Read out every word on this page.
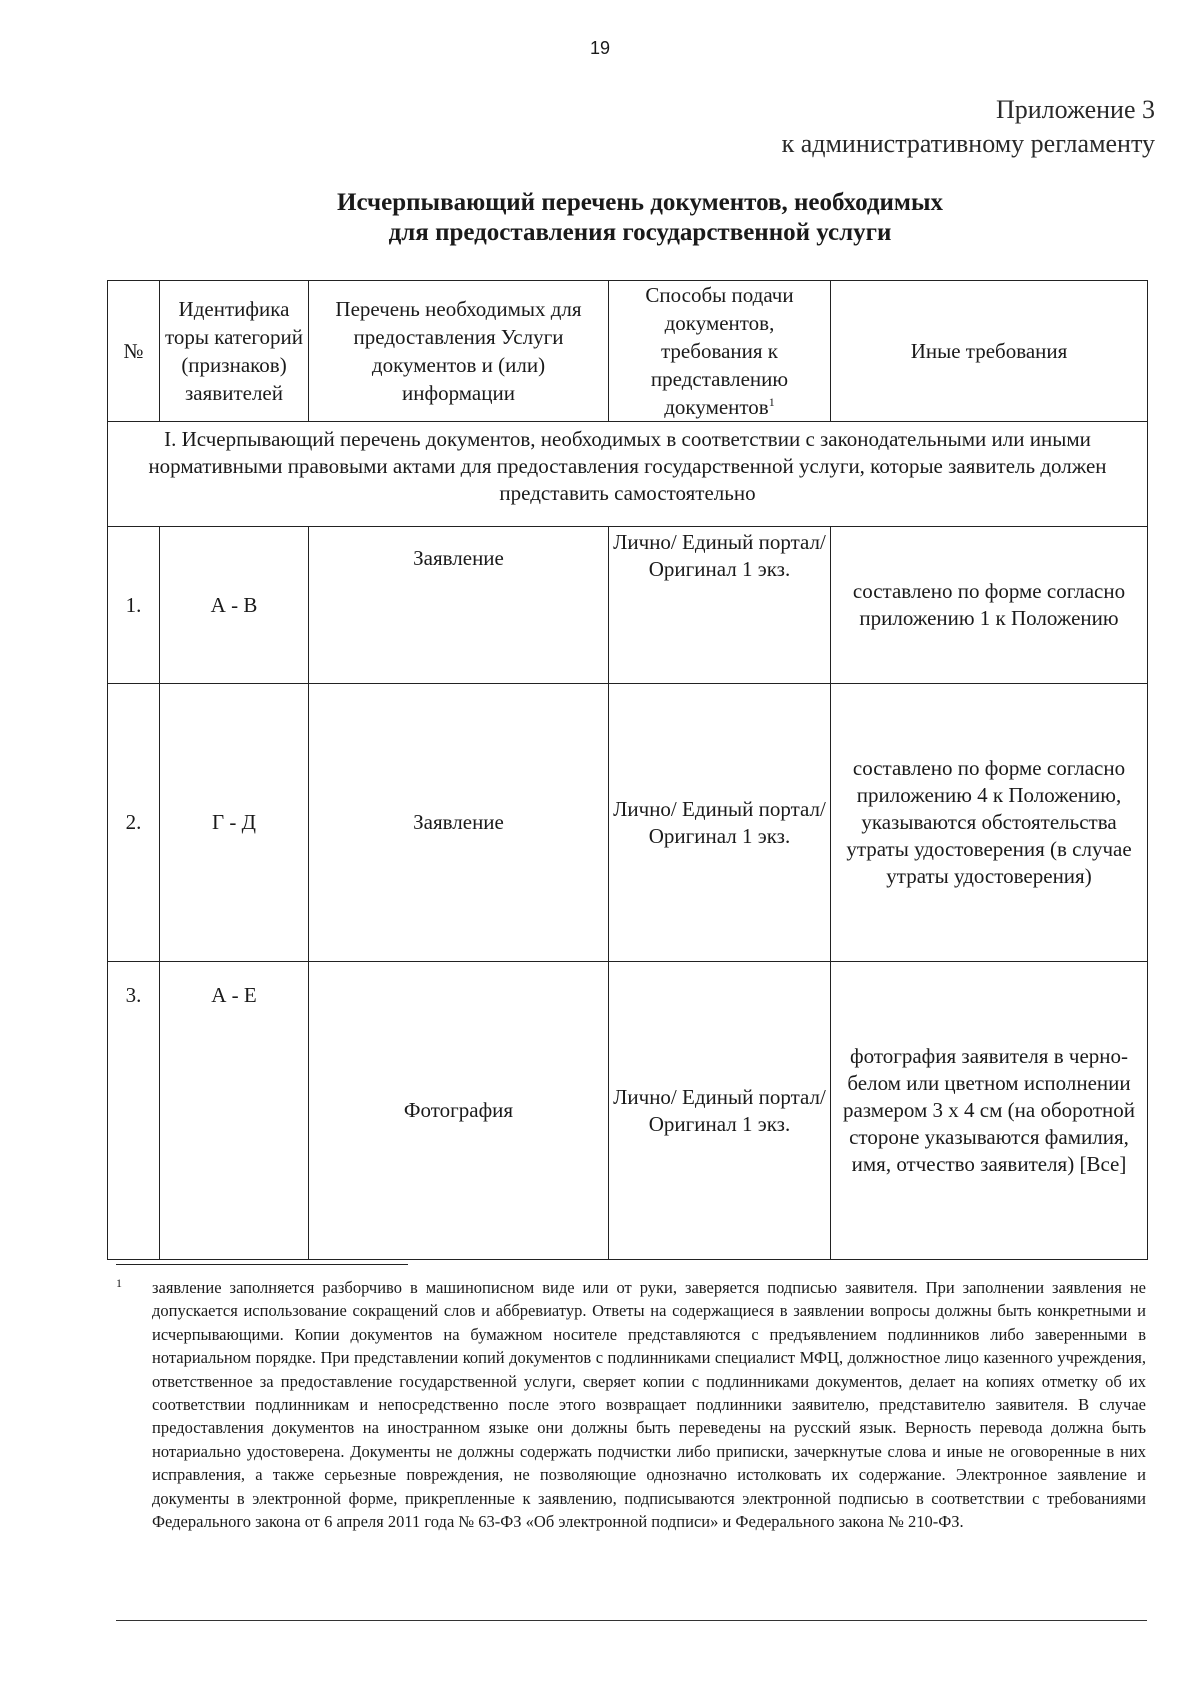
19
Приложение 3
к административному регламенту
Исчерпывающий перечень документов, необходимых
для предоставления государственной услуги
№	Идентифика торы категорий (признаков) заявителей	Перечень необходимых для предоставления Услуги документов и (или) информации	Способы подачи документов, требования к представлению документов$^1$	Иные требования
I. Исчерпывающий перечень документов, необходимых в соответствии с законодательными или иными нормативными правовыми актами для предоставления государственной услуги, которые заявитель должен представить самостоятельно				
1.	А - В	Заявление	Лично/ Единый портал/ Оригинал 1 экз.	составлено по форме согласно приложению 1 к Положению
2.	Г - Д	Заявление	Лично/ Единый портал/ Оригинал 1 экз.	составлено по форме согласно приложению 4 к Положению, указываются обстоятельства утраты удостоверения (в случае утраты удостоверения)
3.	А - Е	Фотография	Лично/ Единый портал/ Оригинал 1 экз.	фотография заявителя в черно-белом или цветном исполнении размером 3 х 4 см (на оборотной стороне указываются фамилия, имя, отчество заявителя) [Все]
1	заявление заполняется разборчиво в машинописном виде или от руки, заверяется подписью заявителя. При заполнении заявления не допускается использование сокращений слов и аббревиатур. Ответы на содержащиеся в заявлении вопросы должны быть конкретными и исчерпывающими. Копии документов на бумажном носителе представляются с предъявлением подлинников либо заверенными в нотариальном порядке. При представлении копий документов с подлинниками специалист МФЦ, должностное лицо казенного учреждения, ответственное за предоставление государственной услуги, сверяет копии с подлинниками документов, делает на копиях отметку об их соответствии подлинникам и непосредственно после этого возвращает подлинники заявителю, представителю заявителя. В случае предоставления документов на иностранном языке они должны быть переведены на русский язык. Верность перевода должна быть нотариально удостоверена. Документы не должны содержать подчистки либо приписки, зачеркнутые слова и иные не оговоренные в них исправления, а также серьезные повреждения, не позволяющие однозначно истолковать их содержание. Электронное заявление и документы в электронной форме, прикрепленные к заявлению, подписываются электронной подписью в соответствии с требованиями Федерального закона от 6 апреля 2011 года № 63-ФЗ «Об электронной подписи» и Федерального закона № 210-ФЗ.
